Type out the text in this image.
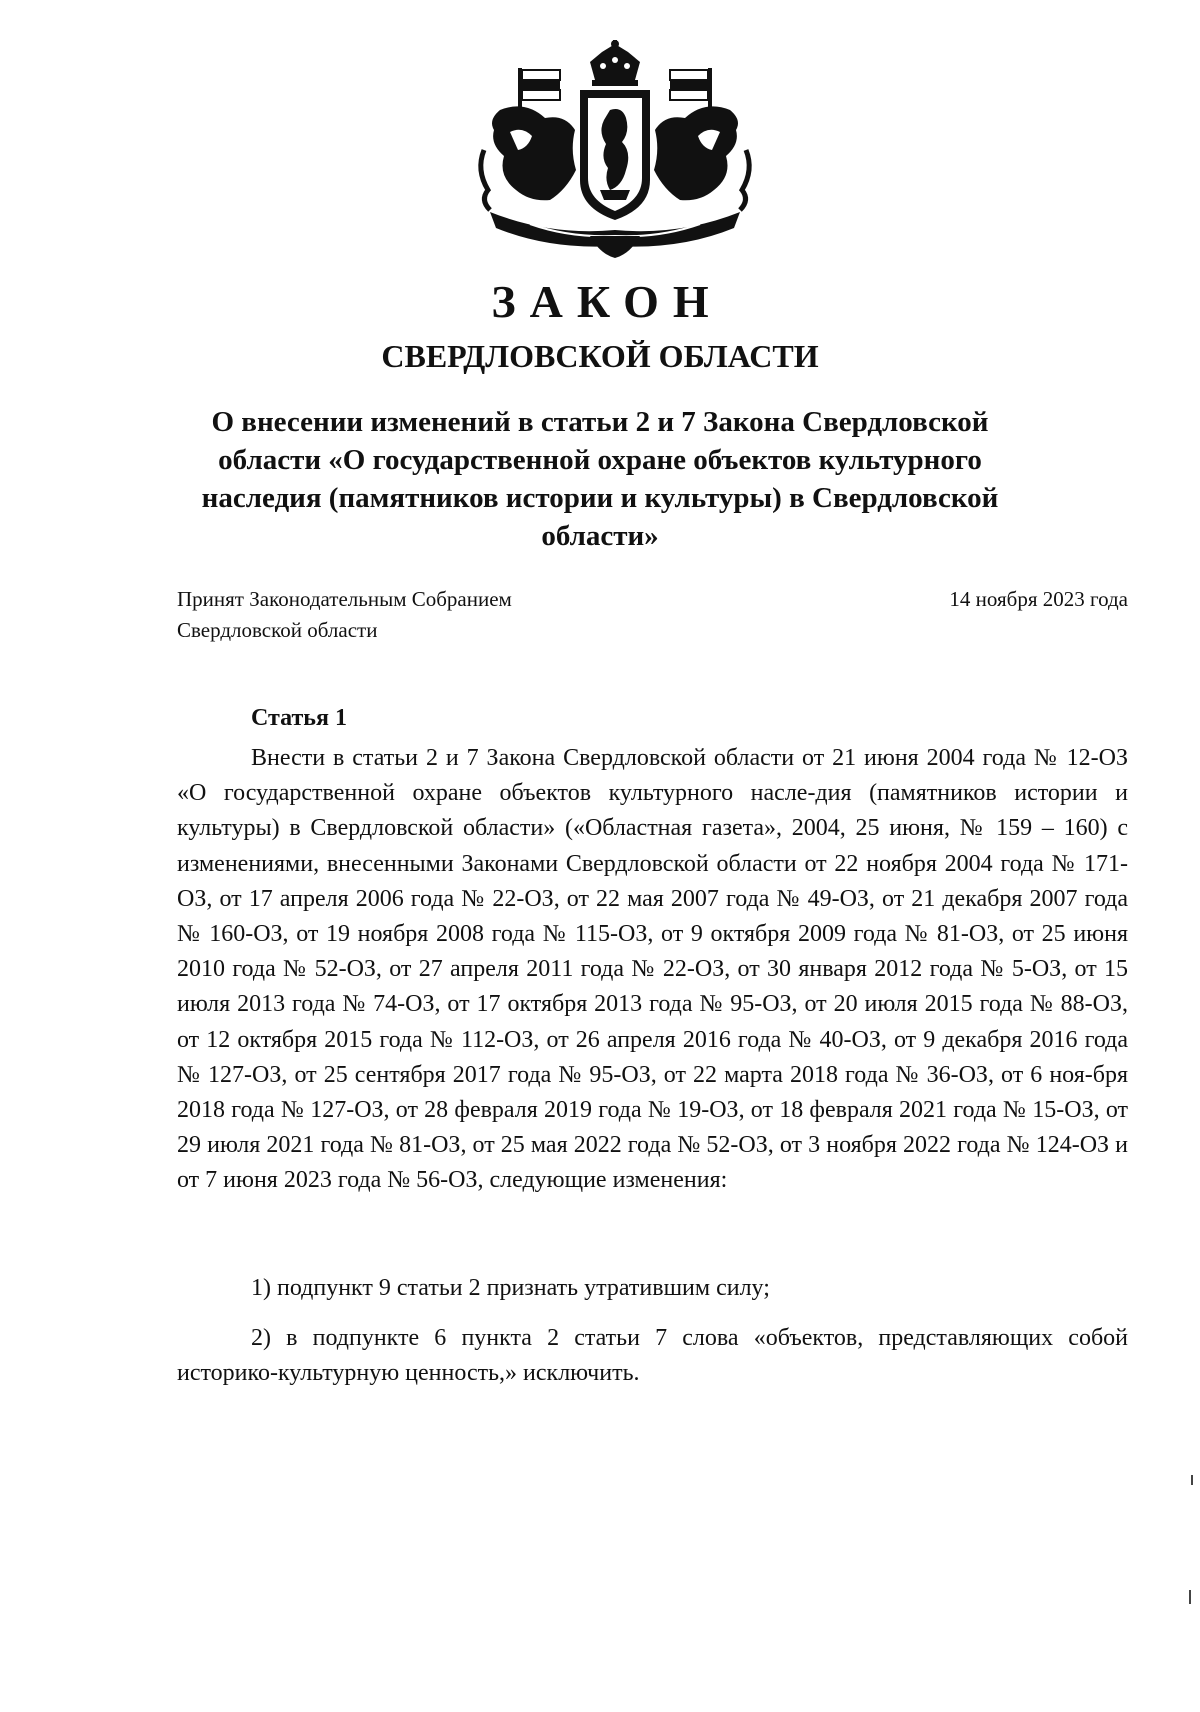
ЗАКОН
СВЕРДЛОВСКОЙ ОБЛАСТИ
О внесении изменений в статьи 2 и 7 Закона Свердловской области «О государственной охране объектов культурного наследия (памятников истории и культуры) в Свердловской области»
Принят Законодательным Собранием
Свердловской области
14 ноября 2023 года
Статья 1

Внести в статьи 2 и 7 Закона Свердловской области от 21 июня 2004 года № 12-ОЗ «О государственной охране объектов культурного насле-дия (памятников истории и культуры) в Свердловской области» («Областная газета», 2004, 25 июня, № 159 – 160) с изменениями, внесенными Законами Свердловской области от 22 ноября 2004 года № 171-ОЗ, от 17 апреля 2006 года № 22-ОЗ, от 22 мая 2007 года № 49-ОЗ, от 21 декабря 2007 года № 160-ОЗ, от 19 ноября 2008 года № 115-ОЗ, от 9 октября 2009 года № 81-ОЗ, от 25 июня 2010 года № 52-ОЗ, от 27 апреля 2011 года № 22-ОЗ, от 30 января 2012 года № 5-ОЗ, от 15 июля 2013 года № 74-ОЗ, от 17 октября 2013 года № 95-ОЗ, от 20 июля 2015 года № 88-ОЗ, от 12 октября 2015 года № 112-ОЗ, от 26 апреля 2016 года № 40-ОЗ, от 9 декабря 2016 года № 127-ОЗ, от 25 сентября 2017 года № 95-ОЗ, от 22 марта 2018 года № 36-ОЗ, от 6 ноя-бря 2018 года № 127-ОЗ, от 28 февраля 2019 года № 19-ОЗ, от 18 февраля 2021 года № 15-ОЗ, от 29 июля 2021 года № 81-ОЗ, от 25 мая 2022 года № 52-ОЗ, от 3 ноября 2022 года № 124-ОЗ и от 7 июня 2023 года № 56-ОЗ, следующие изменения:

1) подпункт 9 статьи 2 признать утратившим силу;

2) в подпункте 6 пункта 2 статьи 7 слова «объектов, представляющих собой историко-культурную ценность,» исключить.
